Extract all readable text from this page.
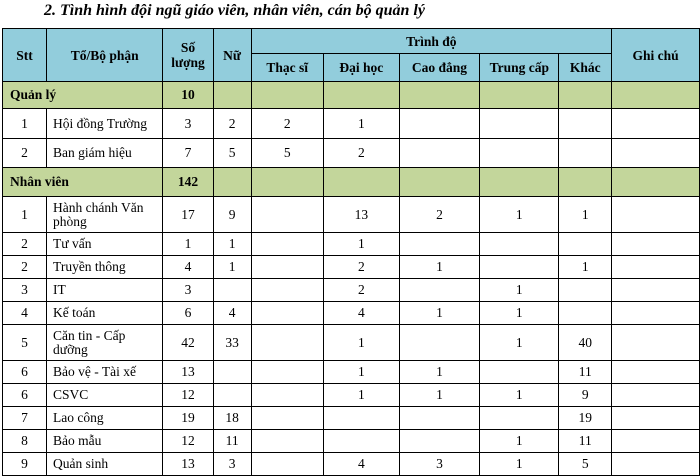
2. Tình hình đội ngũ giáo viên, nhân viên, cán bộ quản lý
Stt	Tổ/Bộ phận	Số lượng	Nữ	Trình độ					Ghi chú
				Thạc sĩ	Đại học	Cao đẳng	Trung cấp	Khác	
Quản lý		10							
1	Hội đồng Trường	3	2	2	1				
2	Ban giám hiệu	7	5	5	2				
Nhân viên		142							
1	Hành chánh Văn phòng	17	9		13	2	1	1	
2	Tư vấn	1	1		1				
2	Truyền thông	4	1		2	1		1	
3	IT	3			2		1		
4	Kế toán	6	4		4	1	1		
5	Căn tin - Cấp dưỡng	42	33		1		1	40	
6	Bảo vệ - Tài xế	13			1	1		11	
6	CSVC	12			1	1	1	9	
7	Lao công	19	18					19	
8	Bảo mẫu	12	11				1	11	
9	Quản sinh	13	3		4	3	1	5	
